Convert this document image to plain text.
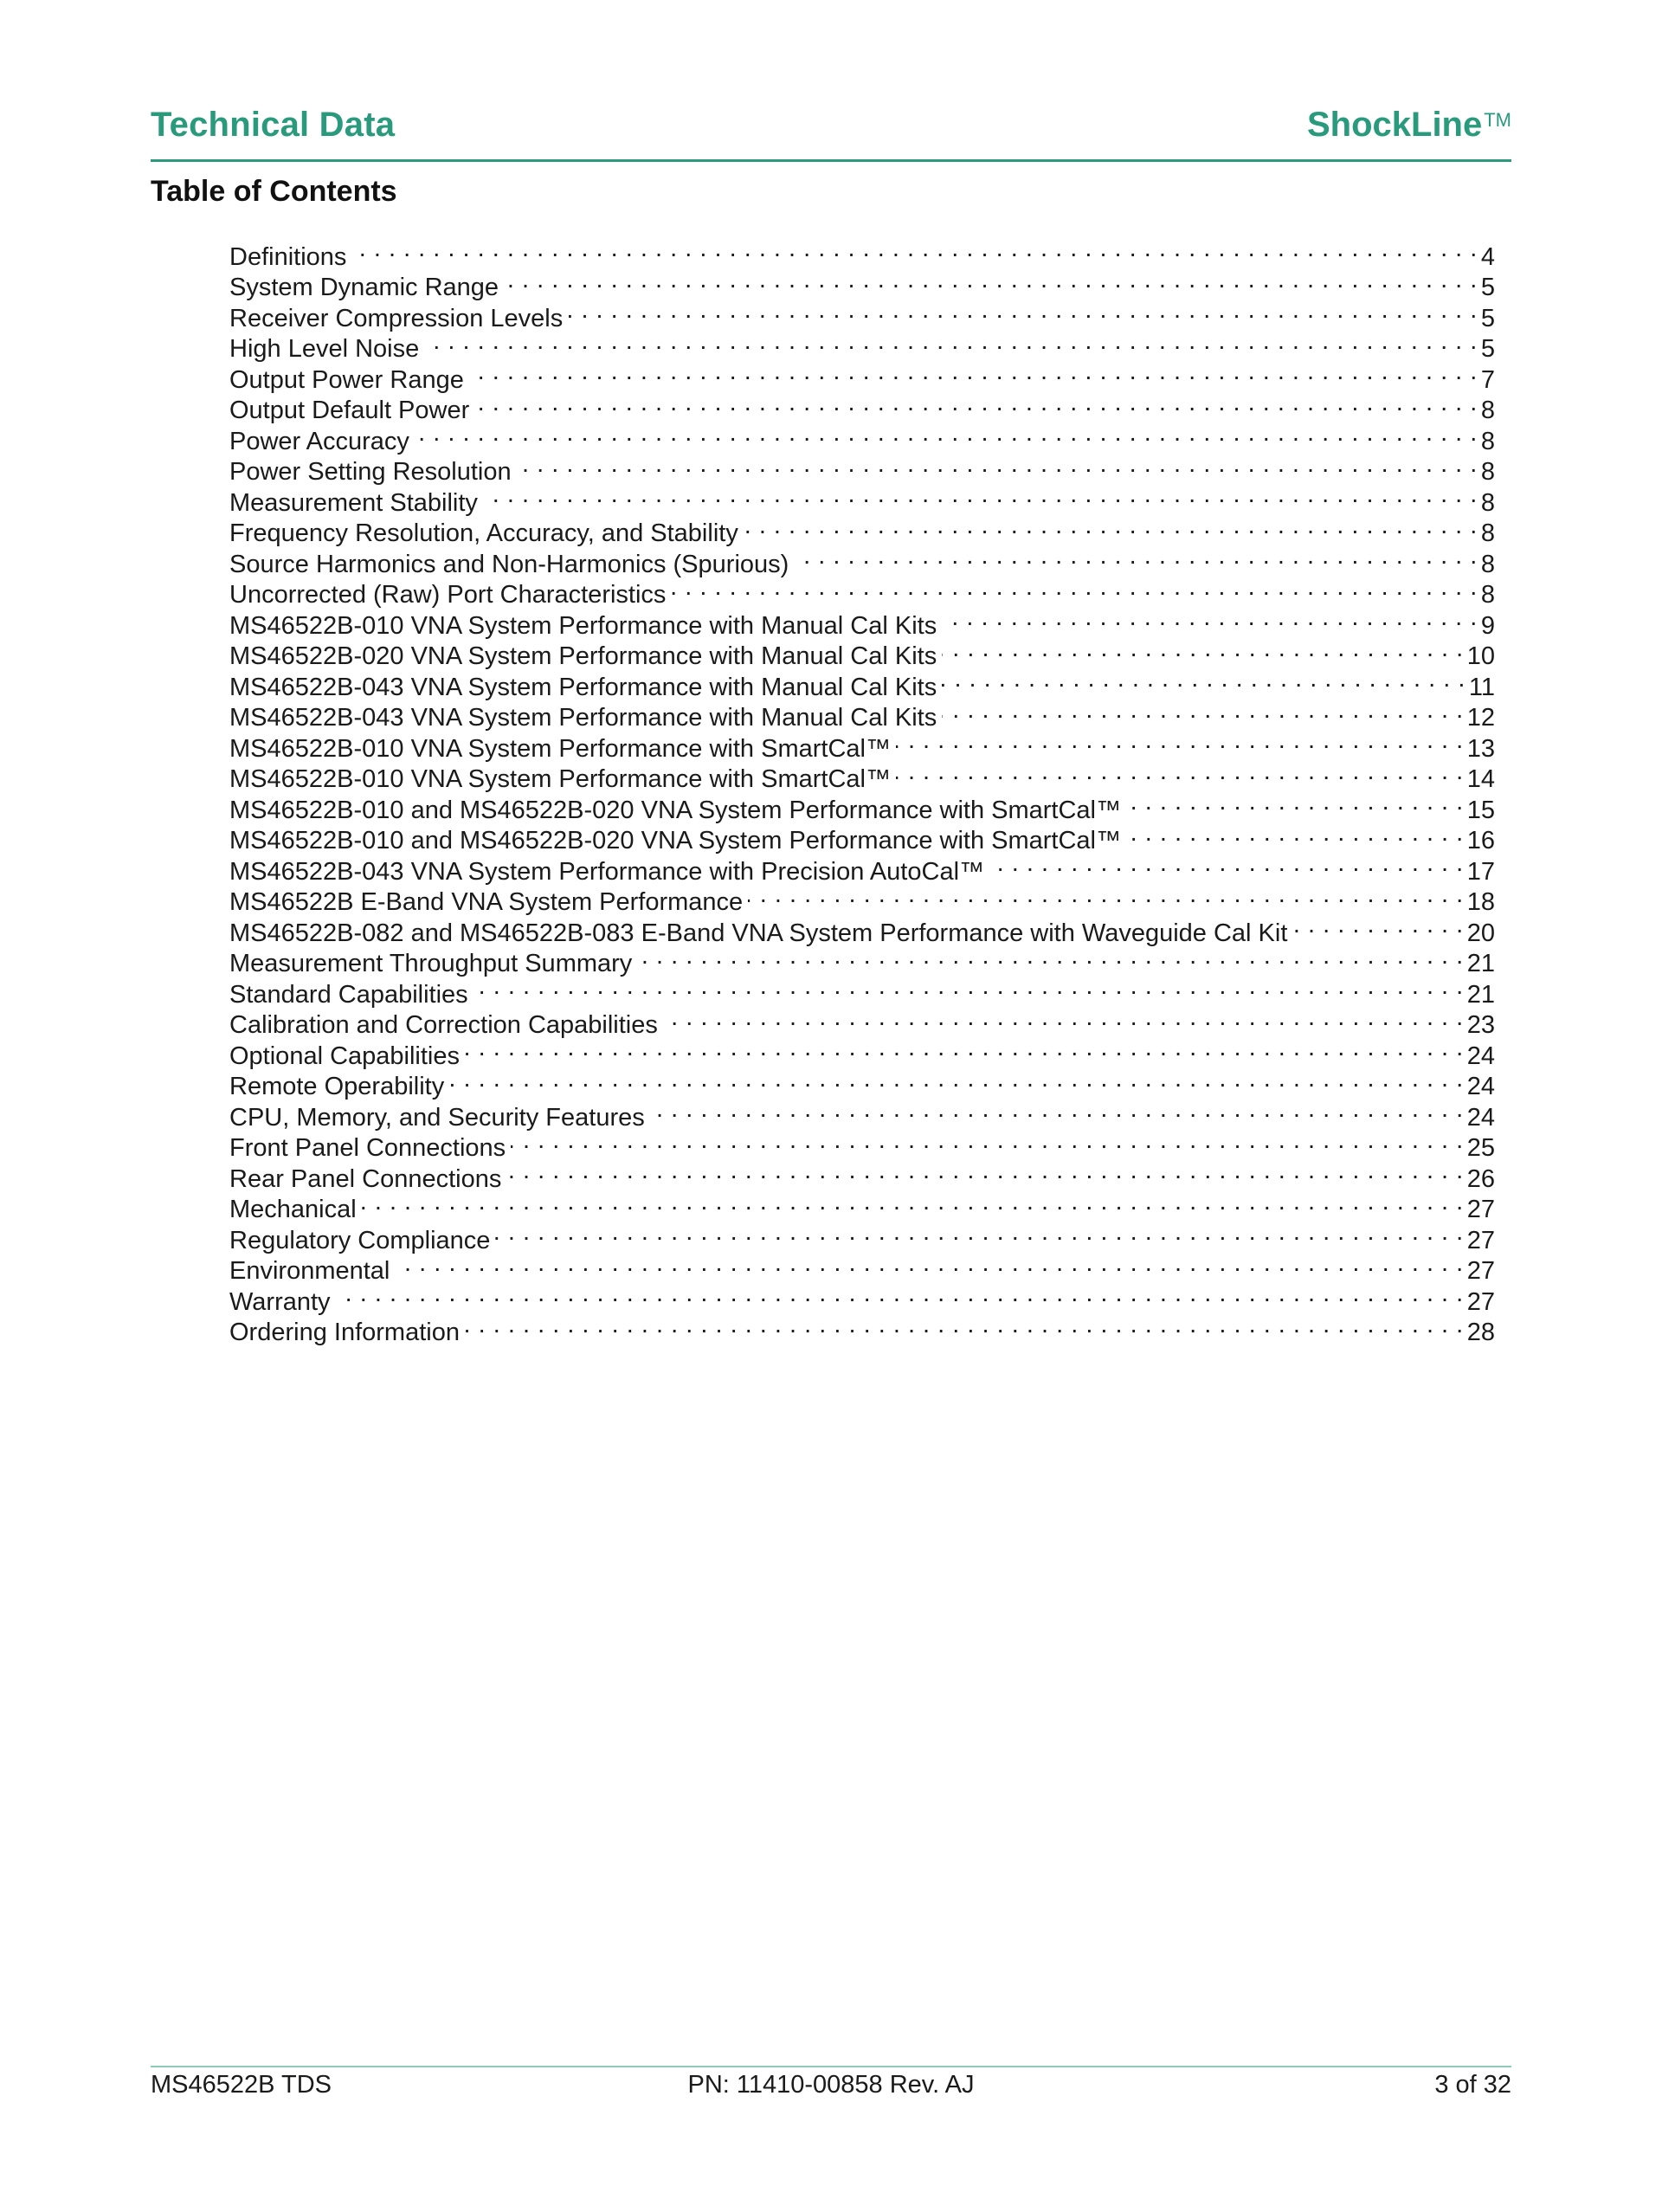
Technical Data	ShockLine™
Table of Contents
Definitions . . .	4
System Dynamic Range . . .	5
Receiver Compression Levels . . .	5
High Level Noise . . .	5
Output Power Range . . .	7
Output Default Power . . .	8
Power Accuracy . . .	8
Power Setting Resolution . . .	8
Measurement Stability . . .	8
Frequency Resolution, Accuracy, and Stability . . .	8
Source Harmonics and Non-Harmonics (Spurious) . . .	8
Uncorrected (Raw) Port Characteristics . . .	8
MS46522B-010 VNA System Performance with Manual Cal Kits . . .	9
MS46522B-020 VNA System Performance with Manual Cal Kits . . .	10
MS46522B-043 VNA System Performance with Manual Cal Kits . . .	11
MS46522B-043 VNA System Performance with Manual Cal Kits . . .	12
MS46522B-010 VNA System Performance with SmartCal™ . . .	13
MS46522B-010 VNA System Performance with SmartCal™ . . .	14
MS46522B-010 and MS46522B-020 VNA System Performance with SmartCal™ . . .	15
MS46522B-010 and MS46522B-020 VNA System Performance with SmartCal™ . . .	16
MS46522B-043 VNA System Performance with Precision AutoCal™ . . .	17
MS46522B E-Band VNA System Performance . . .	18
MS46522B-082 and MS46522B-083 E-Band VNA System Performance with Waveguide Cal Kit . . .	20
Measurement Throughput Summary . . .	21
Standard Capabilities . . .	21
Calibration and Correction Capabilities . . .	23
Optional Capabilities . . .	24
Remote Operability . . .	24
CPU, Memory, and Security Features . . .	24
Front Panel Connections . . .	25
Rear Panel Connections . . .	26
Mechanical . . .	27
Regulatory Compliance . . .	27
Environmental . . .	27
Warranty . . .	27
Ordering Information . . .	28
MS46522B TDS	PN: 11410-00858 Rev. AJ	3 of 32
